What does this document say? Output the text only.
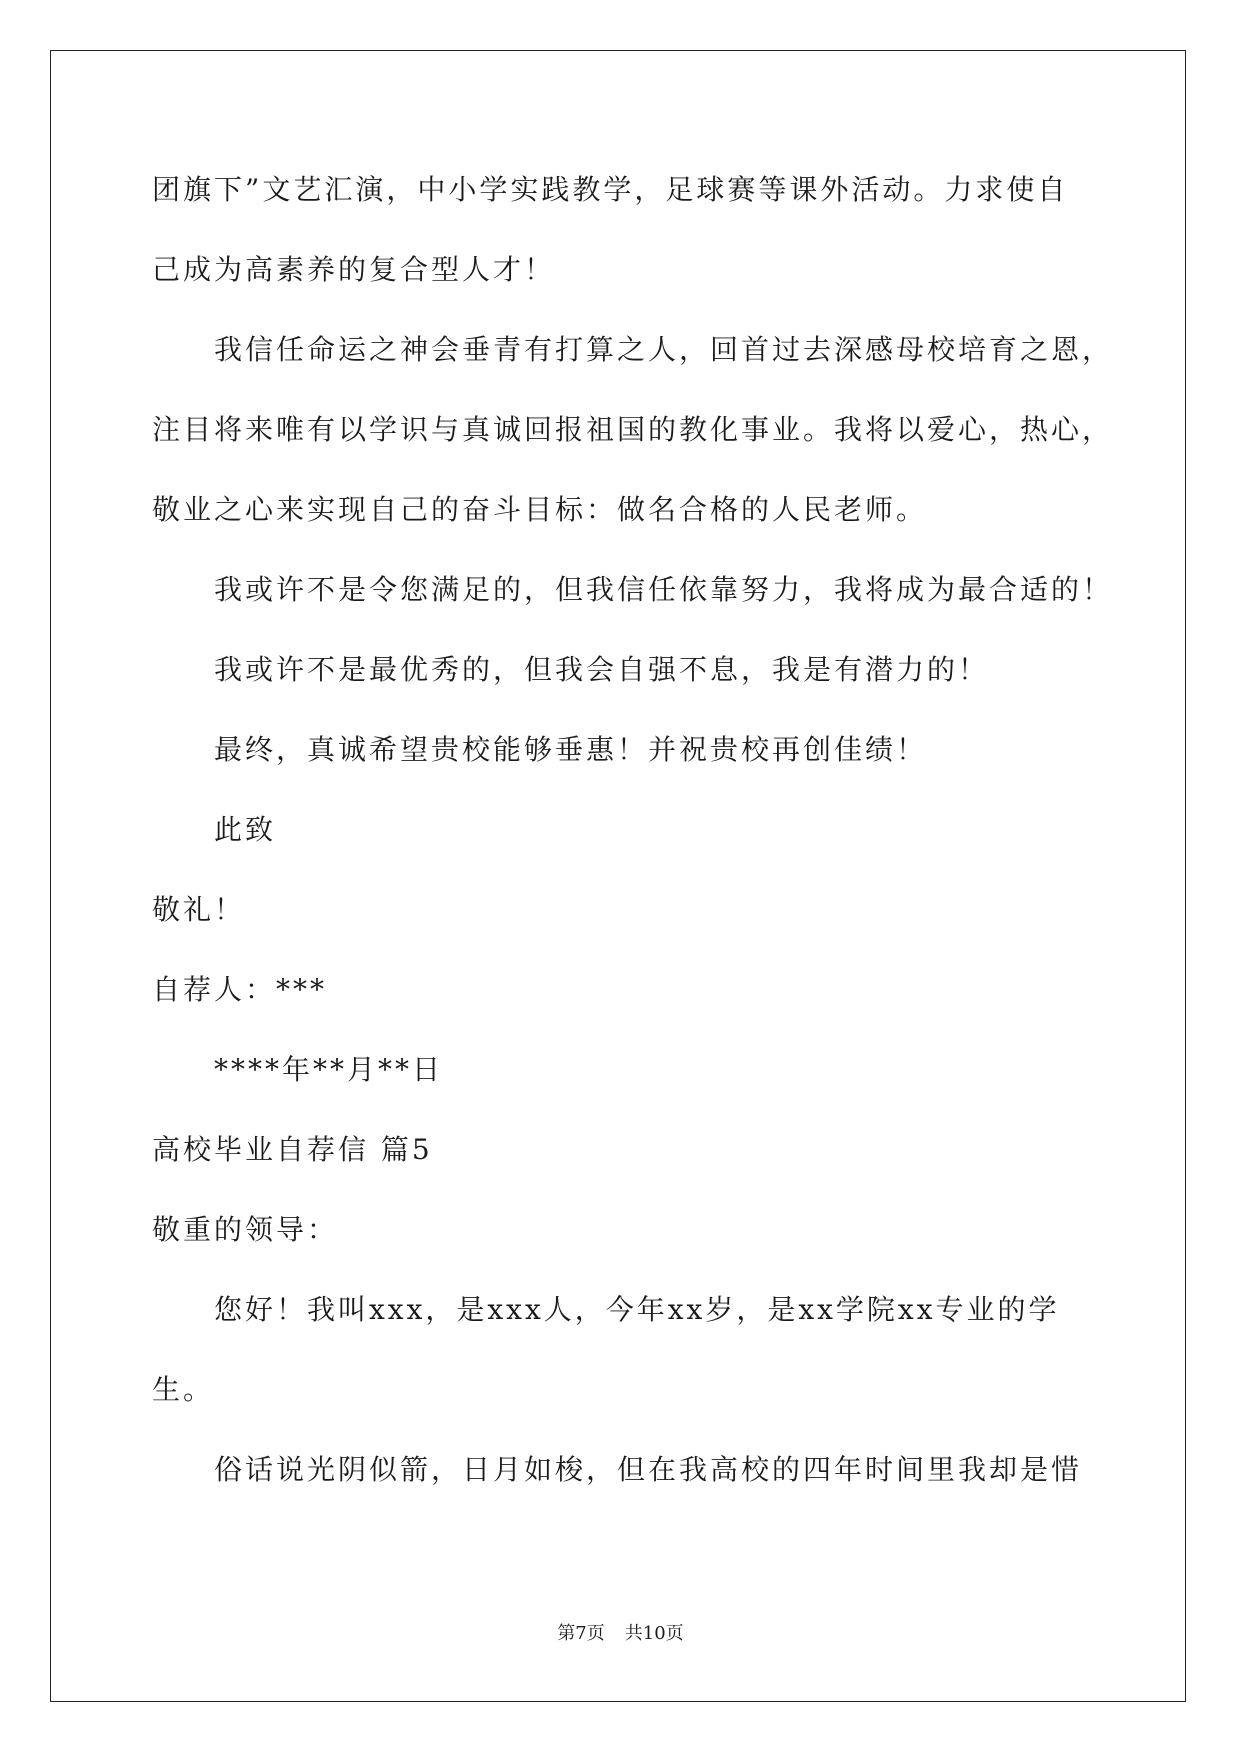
团旗下”文艺汇演，中小学实践教学，足球赛等课外活动。力求使自
己成为高素养的复合型人才！
我信任命运之神会垂青有打算之人，回首过去深感母校培育之恩，
注目将来唯有以学识与真诚回报祖国的教化事业。我将以爱心，热心，
敬业之心来实现自己的奋斗目标：做名合格的人民老师。
我或许不是令您满足的，但我信任依靠努力，我将成为最合适的！
我或许不是最优秀的，但我会自强不息，我是有潜力的！
最终，真诚希望贵校能够垂惠！并祝贵校再创佳绩！
此致
敬礼！
自荐人：***
****年**月**日
高校毕业自荐信 篇5
敬重的领导：
您好！我叫xxx，是xxx人，今年xx岁，是xx学院xx专业的学
生。
俗话说光阴似箭，日月如梭，但在我高校的四年时间里我却是惜
第7页 共10页
